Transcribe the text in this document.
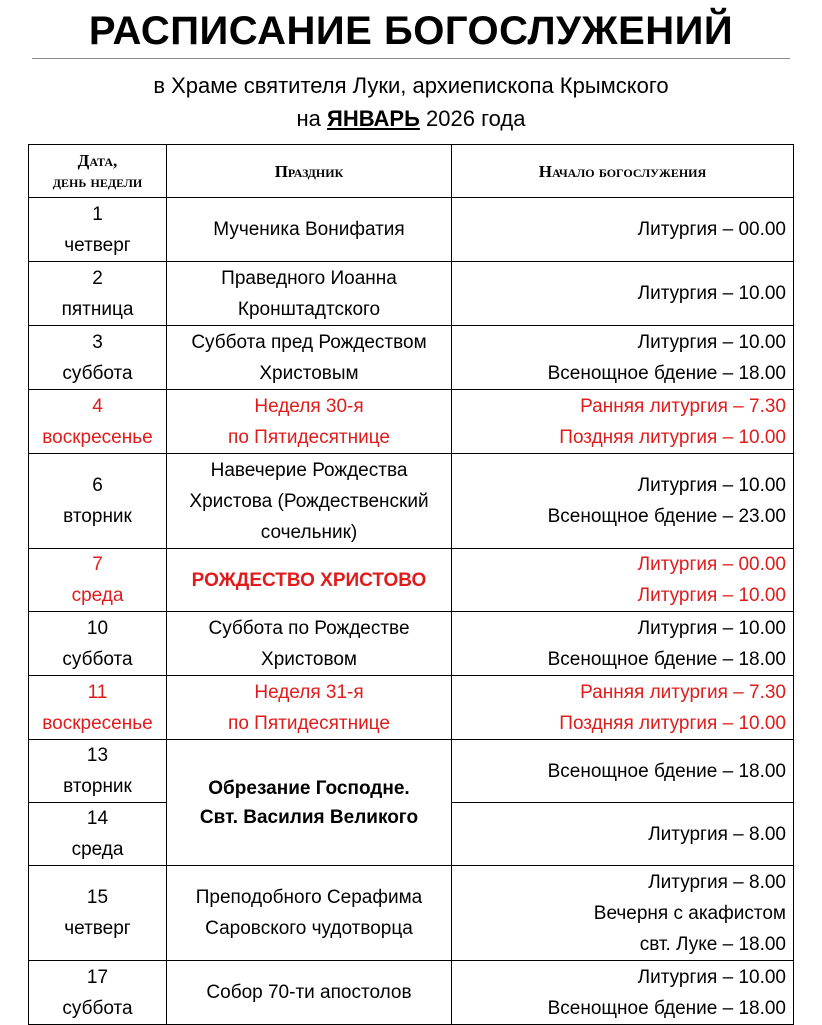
РАСПИСАНИЕ БОГОСЛУЖЕНИЙ
в Храме святителя Луки, архиепископа Крымского
на ЯНВАРЬ 2026 года
Дата,
день недели	Праздник	Начало богослужения

1
четверг	Мученика Вонифатия	Литургия – 00.00

2
пятница	Праведного Иоанна
Кронштадтского	Литургия – 10.00

3
суббота	Суббота пред Рождеством
Христовым	Литургия – 10.00
Всенощное бдение – 18.00

4
воскресенье	Неделя 30-я
по Пятидесятнице	Ранняя литургия – 7.30
Поздняя литургия – 10.00

6
вторник	Навечерие Рождества
Христова (Рождественский
сочельник)	Литургия – 10.00
Всенощное бдение – 23.00

7
среда	РОЖДЕСТВО ХРИСТОВО	Литургия – 00.00
Литургия – 10.00

10
суббота	Суббота по Рождестве
Христовом	Литургия – 10.00
Всенощное бдение – 18.00

11
воскресенье	Неделя 31-я
по Пятидесятнице	Ранняя литургия – 7.30
Поздняя литургия – 10.00

13
вторник	Обрезание Господне.
Свт. Василия Великого	Всенощное бдение – 18.00

14
среда		Литургия – 8.00

15
четверг	Преподобного Серафима
Саровского чудотворца	Литургия – 8.00
Вечерня с акафистом
свт. Луке – 18.00

17
суббота	Собор 70-ти апостолов	Литургия – 10.00
Всенощное бдение – 18.00
